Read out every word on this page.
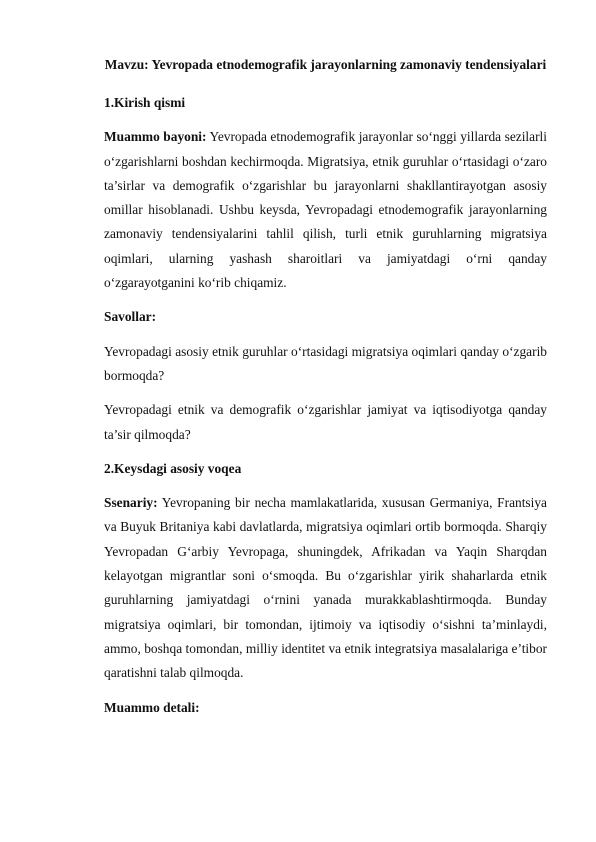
Mavzu: Yevropada etnodemografik jarayonlarning zamonaviy tendensiyalari
1.Kirish qismi

Muammo bayoni: Yevropada etnodemografik jarayonlar so‘nggi yillarda sezilarli o‘zgarishlarni boshdan kechirmoqda. Migratsiya, etnik guruhlar o‘rtasidagi o‘zaro ta’sirlar va demografik o‘zgarishlar bu jarayonlarni shakllantirayotgan asosiy omillar hisoblanadi. Ushbu keysda, Yevropadagi etnodemografik jarayonlarning zamonaviy tendensiyalarini tahlil qilish, turli etnik guruhlarning migratsiya oqimlari, ularning yashash sharoitlari va jamiyatdagi o‘rni qanday o‘zgarayotganini ko‘rib chiqamiz.

Savollar:

Yevropadagi asosiy etnik guruhlar o‘rtasidagi migratsiya oqimlari qanday o‘zgarib bormoqda?

Yevropadagi etnik va demografik o‘zgarishlar jamiyat va iqtisodiyotga qanday ta’sir qilmoqda?

2.Keysdagi asosiy voqea

Ssenariy: Yevropaning bir necha mamlakatlarida, xususan Germaniya, Frantsiya va Buyuk Britaniya kabi davlatlarda, migratsiya oqimlari ortib bormoqda. Sharqiy Yevropadan G‘arbiy Yevropaga, shuningdek, Afrikadan va Yaqin Sharqdan kelayotgan migrantlar soni o‘smoqda. Bu o‘zgarishlar yirik shaharlarda etnik guruhlarning jamiyatdagi o‘rnini yanada murakkablashtirmoqda. Bunday migratsiya oqimlari, bir tomondan, ijtimoiy va iqtisodiy o‘sishni ta’minlaydi, ammo, boshqa tomondan, milliy identitet va etnik integratsiya masalalariga e’tibor qaratishni talab qilmoqda.

Muammo detali:
